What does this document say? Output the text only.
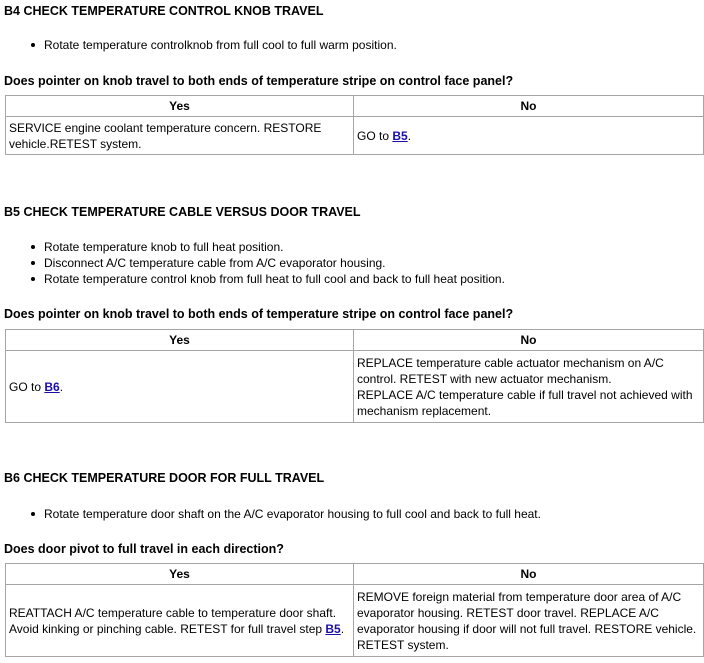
B4 CHECK TEMPERATURE CONTROL KNOB TRAVEL
Rotate temperature controlknob from full cool to full warm position.

Does pointer on knob travel to both ends of temperature stripe on control face panel?

Yes	No
SERVICE engine coolant temperature concern. RESTORE vehicle.RETEST system.	GO to B5.
B5 CHECK TEMPERATURE CABLE VERSUS DOOR TRAVEL
Rotate temperature knob to full heat position.
Disconnect A/C temperature cable from A/C evaporator housing.
Rotate temperature control knob from full heat to full cool and back to full heat position.

Does pointer on knob travel to both ends of temperature stripe on control face panel?

Yes	No
GO to B6.	REPLACE temperature cable actuator mechanism on A/C control. RETEST with new actuator mechanism.
REPLACE A/C temperature cable if full travel not achieved with mechanism replacement.
B6 CHECK TEMPERATURE DOOR FOR FULL TRAVEL
Rotate temperature door shaft on the A/C evaporator housing to full cool and back to full heat.

Does door pivot to full travel in each direction?

Yes	No
REATTACH A/C temperature cable to temperature door shaft. Avoid kinking or pinching cable. RETEST for full travel step B5.	REMOVE foreign material from temperature door area of A/C evaporator housing. RETEST door travel. REPLACE A/C evaporator housing if door will not full travel. RESTORE vehicle. RETEST system.
